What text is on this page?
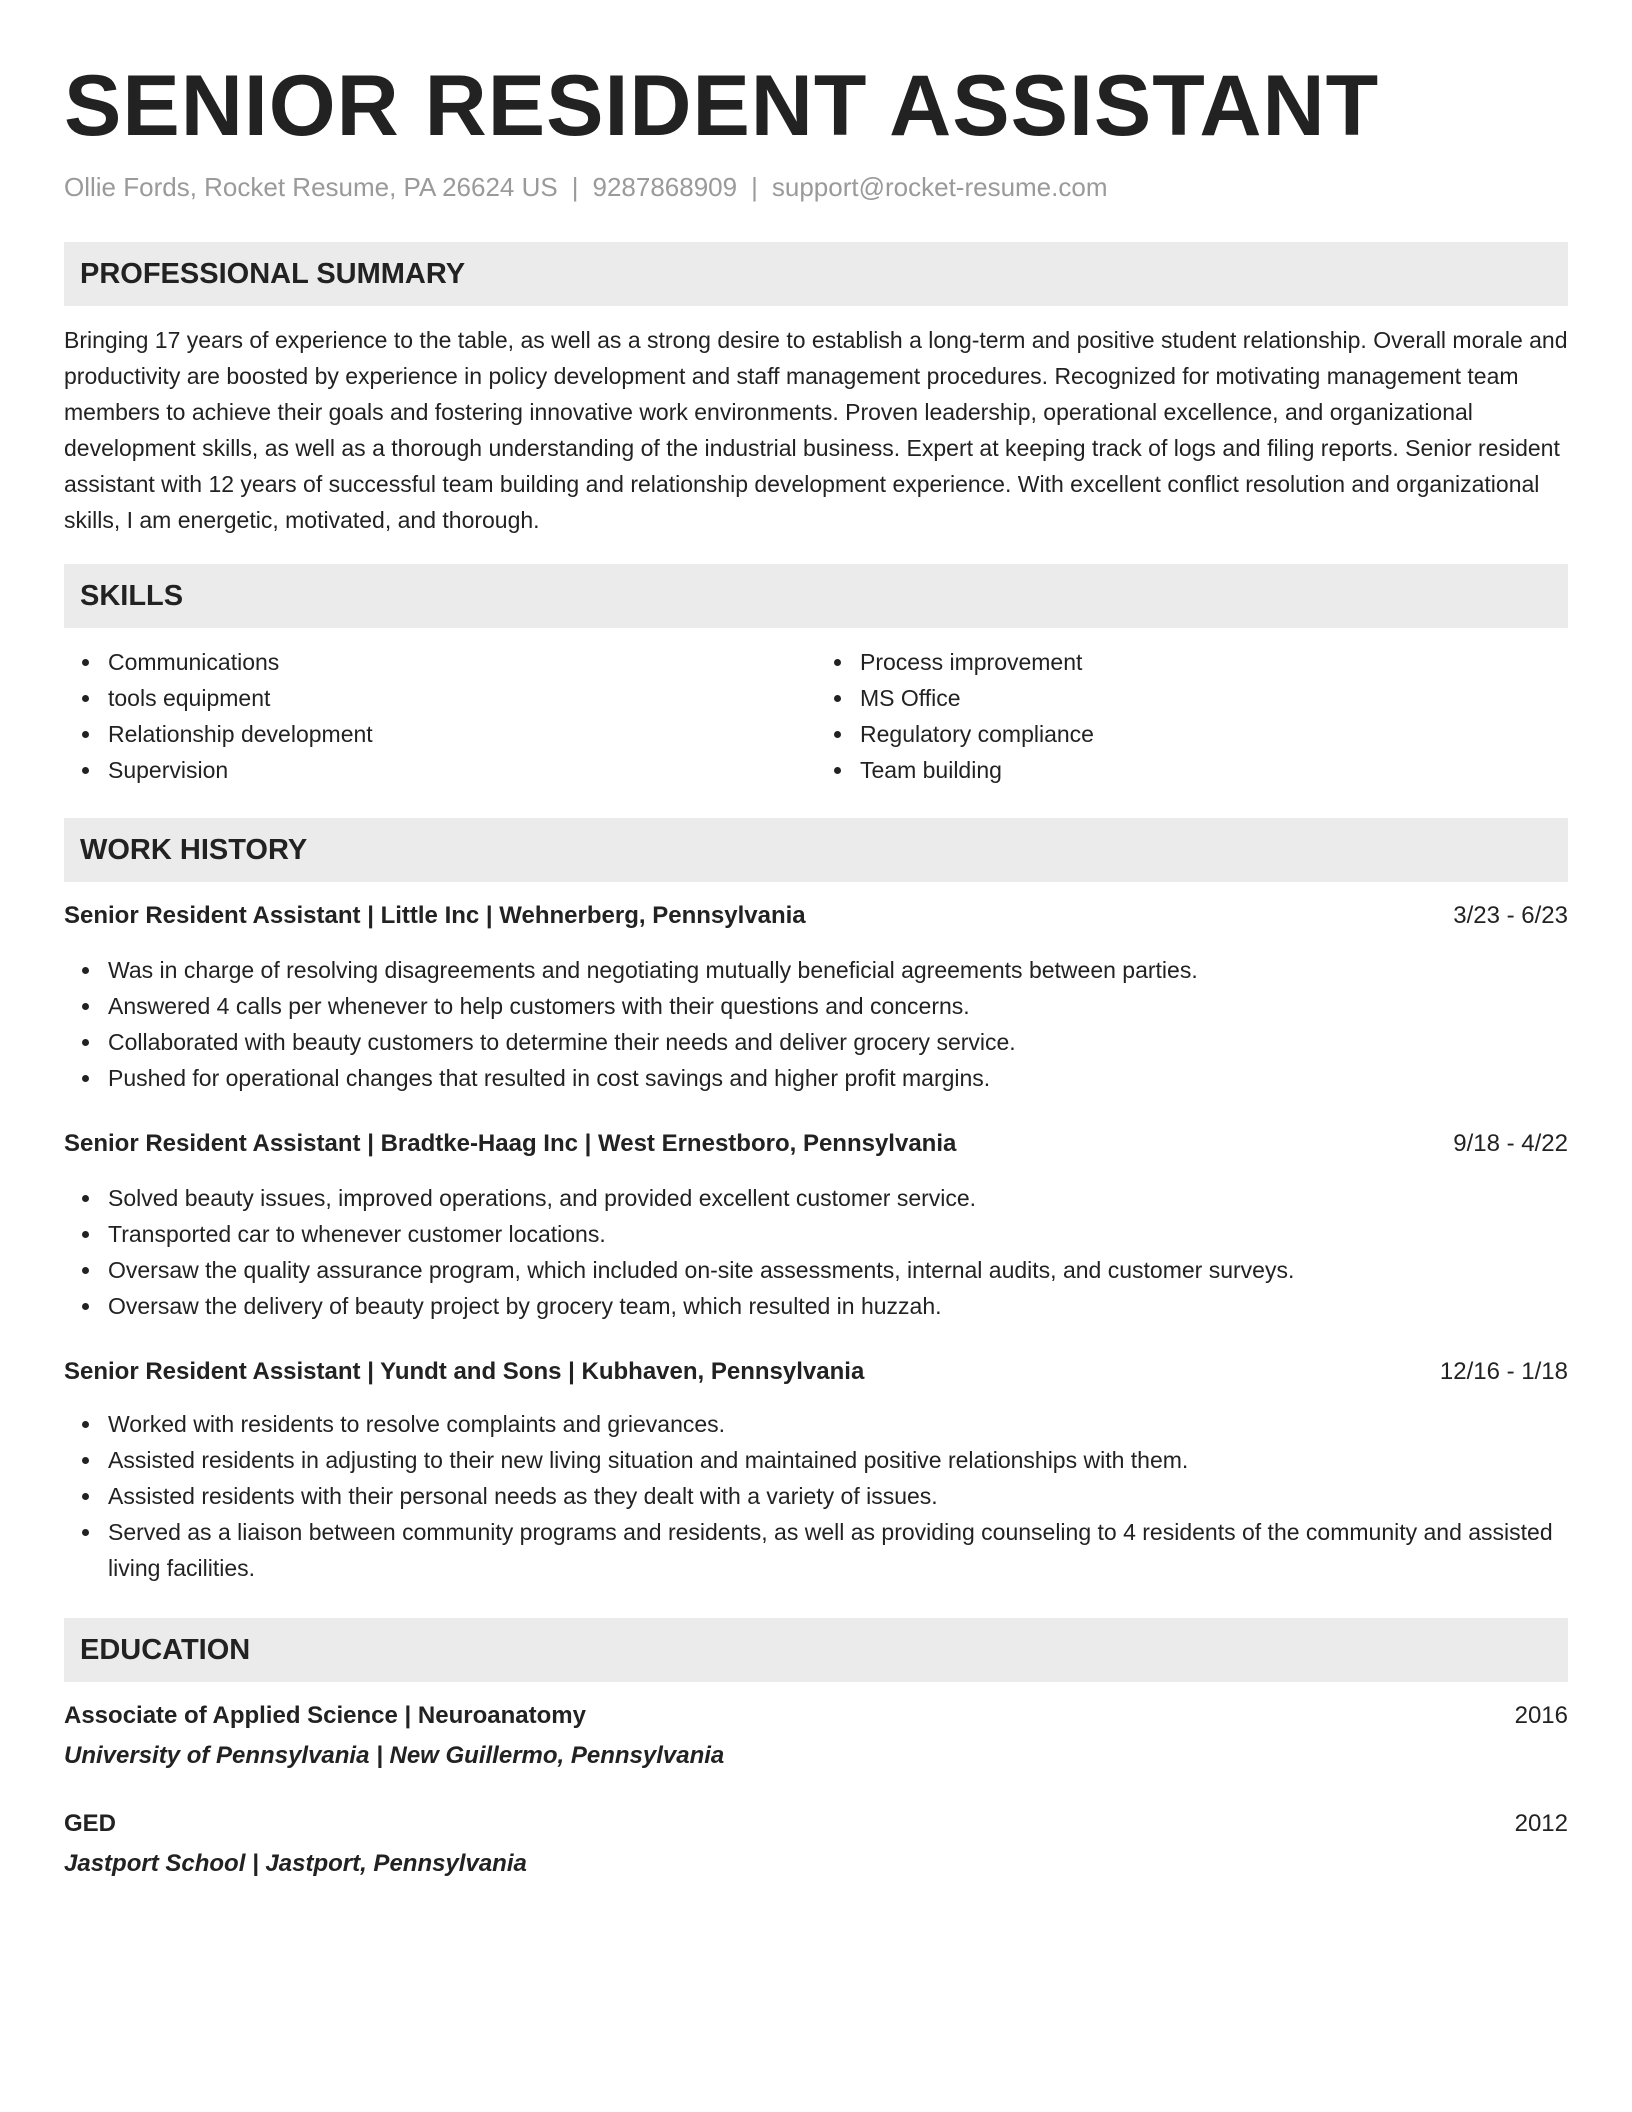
SENIOR RESIDENT ASSISTANT
Ollie Fords, Rocket Resume, PA 26624 US | 9287868909 | support@rocket-resume.com
PROFESSIONAL SUMMARY

Bringing 17 years of experience to the table, as well as a strong desire to establish a long-term and positive student relationship. Overall morale and productivity are boosted by experience in policy development and staff management procedures. Recognized for motivating management team members to achieve their goals and fostering innovative work environments. Proven leadership, operational excellence, and organizational development skills, as well as a thorough understanding of the industrial business. Expert at keeping track of logs and filing reports. Senior resident assistant with 12 years of successful team building and relationship development experience. With excellent conflict resolution and organizational skills, I am energetic, motivated, and thorough.

SKILLS
Communications
tools equipment
Relationship development
Supervision
Process improvement
MS Office
Regulatory compliance
Team building
WORK HISTORY
Senior Resident Assistant | Little Inc | Wehnerberg, Pennsylvania	3/23 - 6/23
Was in charge of resolving disagreements and negotiating mutually beneficial agreements between parties.
Answered 4 calls per whenever to help customers with their questions and concerns.
Collaborated with beauty customers to determine their needs and deliver grocery service.
Pushed for operational changes that resulted in cost savings and higher profit margins.
Senior Resident Assistant | Bradtke-Haag Inc | West Ernestboro, Pennsylvania	9/18 - 4/22
Solved beauty issues, improved operations, and provided excellent customer service.
Transported car to whenever customer locations.
Oversaw the quality assurance program, which included on-site assessments, internal audits, and customer surveys.
Oversaw the delivery of beauty project by grocery team, which resulted in huzzah.
Senior Resident Assistant | Yundt and Sons | Kubhaven, Pennsylvania	12/16 - 1/18
Worked with residents to resolve complaints and grievances.
Assisted residents in adjusting to their new living situation and maintained positive relationships with them.
Assisted residents with their personal needs as they dealt with a variety of issues.
Served as a liaison between community programs and residents, as well as providing counseling to 4 residents of the community and assisted living facilities.
EDUCATION
Associate of Applied Science | Neuroanatomy	2016
University of Pennsylvania | New Guillermo, Pennsylvania
GED	2012
Jastport School | Jastport, Pennsylvania
